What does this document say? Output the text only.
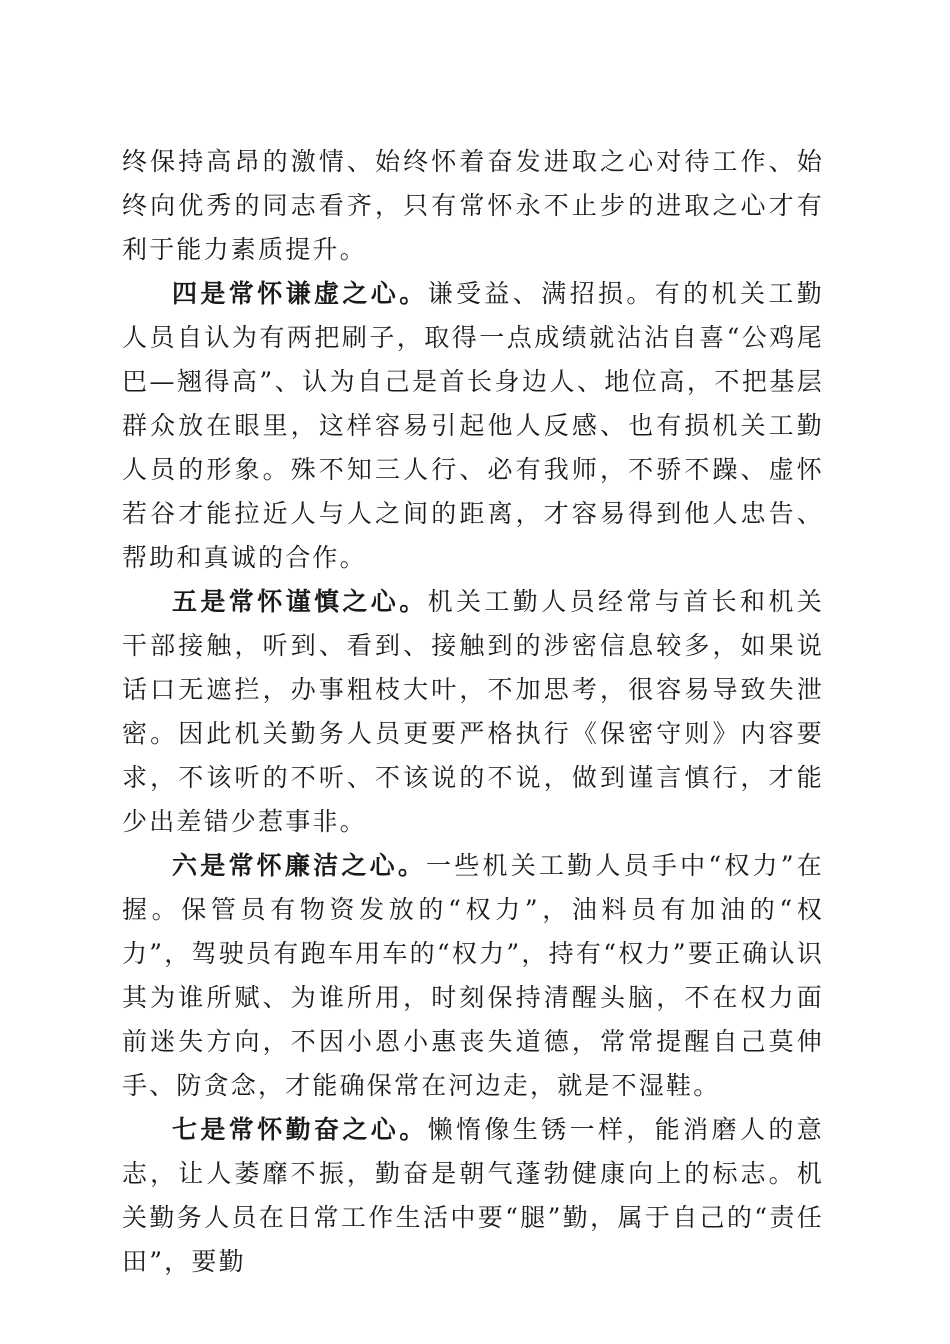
终保持高昂的激情、始终怀着奋发进取之心对待工作、始终向优秀的同志看齐，只有常怀永不止步的进取之心才有利于能力素质提升。

四是常怀谦虚之心。谦受益、满招损。有的机关工勤人员自认为有两把刷子，取得一点成绩就沾沾自喜“公鸡尾巴—翘得高”、认为自己是首长身边人、地位高，不把基层群众放在眼里，这样容易引起他人反感、也有损机关工勤人员的形象。殊不知三人行、必有我师，不骄不躁、虚怀若谷才能拉近人与人之间的距离，才容易得到他人忠告、帮助和真诚的合作。

五是常怀谨慎之心。机关工勤人员经常与首长和机关干部接触，听到、看到、接触到的涉密信息较多，如果说话口无遮拦，办事粗枝大叶，不加思考，很容易导致失泄密。因此机关勤务人员更要严格执行《保密守则》内容要求，不该听的不听、不该说的不说，做到谨言慎行，才能少出差错少惹事非。

六是常怀廉洁之心。一些机关工勤人员手中“权力”在握。保管员有物资发放的“权力”，油料员有加油的“权力”，驾驶员有跑车用车的“权力”，持有“权力”要正确认识其为谁所赋、为谁所用，时刻保持清醒头脑，不在权力面前迷失方向，不因小恩小惠丧失道德，常常提醒自己莫伸手、防贪念，才能确保常在河边走，就是不湿鞋。

七是常怀勤奋之心。懒惰像生锈一样，能消磨人的意志，让人萎靡不振，勤奋是朝气蓬勃健康向上的标志。机关勤务人员在日常工作生活中要“腿”勤，属于自己的“责任田”，要勤
